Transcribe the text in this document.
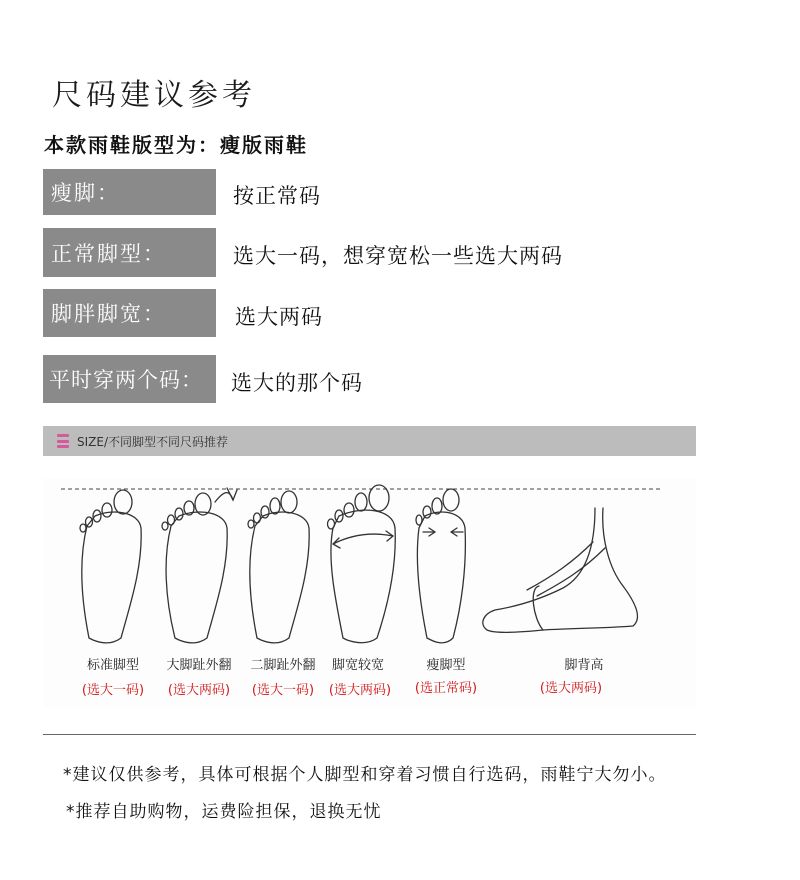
尺码建议参考
本款雨鞋版型为：瘦版雨鞋
瘦脚：	按正常码
正常脚型：	选大一码，想穿宽松一些选大两码
脚胖脚宽：	选大两码
平时穿两个码：	选大的那个码
SIZE/不同脚型不同尺码推荐
标准脚型
(选大一码)
大脚趾外翻
(选大两码)
二脚趾外翻
(选大一码)
脚宽较宽
(选大两码)
瘦脚型
(选正常码)
脚背高
(选大两码)
*建议仅供参考，具体可根据个人脚型和穿着习惯自行选码，雨鞋宁大勿小。
*推荐自助购物，运费险担保，退换无忧
